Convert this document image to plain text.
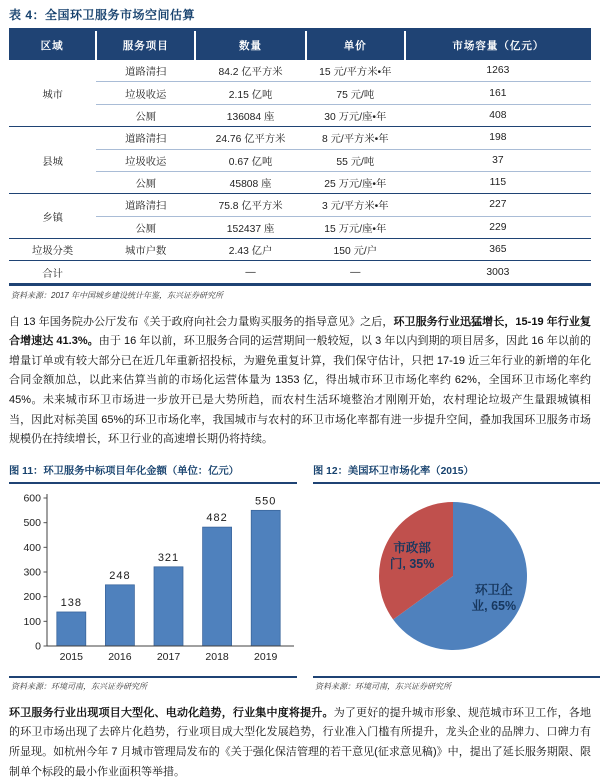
表 4：全国环卫服务市场空间估算
区域	服务项目	数量	单价	市场容量（亿元）
城市	道路清扫	84.2 亿平方米	15 元/平方米•年	1263
	垃圾收运	2.15 亿吨	75 元/吨	161
	公厕	136084 座	30 万元/座•年	408
县城	道路清扫	24.76 亿平方米	8 元/平方米•年	198
	垃圾收运	0.67 亿吨	55 元/吨	37
	公厕	45808 座	25 万元/座•年	115
乡镇	道路清扫	75.8 亿平方米	3 元/平方米•年	227
	公厕	152437 座	15 万元/座•年	229
垃圾分类	城市户数	2.43 亿户	150 元/户	365
合计		—	—	3003
资料来源：2017 年中国城乡建设统计年鉴，东兴证券研究所

自 13 年国务院办公厅发布《关于政府向社会力量购买服务的指导意见》之后，环卫服务行业迅猛增长，15-19 年行业复合增速达 41.3%。由于 16 年以前，环卫服务合同的运营期间一般较短，以 3 年以内到期的项目居多，因此 16 年以前的增量订单或有较大部分已在近几年重新招投标，为避免重复计算，我们保守估计，只把 17-19 近三年行业的新增的年化合同金额加总，以此来估算当前的市场化运营体量为 1353 亿，得出城市环卫市场化率约 62%，全国环卫市场化率约 45%。未来城市环卫市场进一步放开已是大势所趋，而农村生活环境整治才刚刚开始，农村理论垃圾产生量跟城镇相当，因此对标美国 65%的环卫市场化率，我国城市与农村的环卫市场化率都有进一步提升空间，叠加我国环卫服务市场规模仍在持续增长，环卫行业的高速增长期仍将持续。

图 11：环卫服务中标项目年化金额（单位：亿元）
0
100
200
300
400
500
600
138
2015
248
2016
321
2017
482
2018
550
2019
资料来源：环境司南，东兴证券研究所
图 12：美国环卫市场化率（2015）
环卫企业, 65%
市政部门, 35%
资料来源：环境司南，东兴证券研究所

环卫服务行业出现项目大型化、电动化趋势，行业集中度将提升。为了更好的提升城市形象、规范城市环卫工作，各地的环卫市场出现了去碎片化趋势，行业项目成大型化发展趋势，行业准入门槛有所提升，龙头企业的品牌力、口碑力有所显现。如杭州今年 7 月城市管理局发布的《关于强化保洁管理的若干意见(征求意见稿)》中，提出了延长服务期限、限制单个标段的最小作业面积等举措。
